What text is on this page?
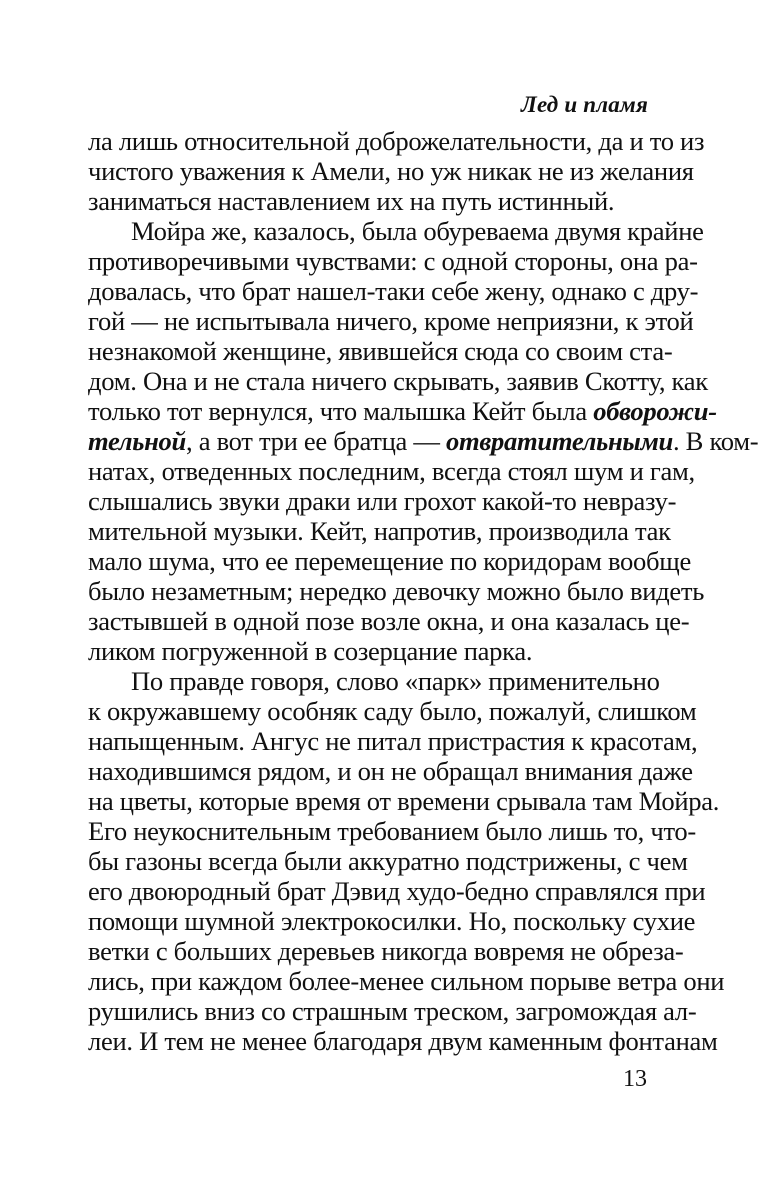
Лед и пламя
ла лишь относительной доброжелательности, да и то из
чистого уважения к Амели, но уж никак не из желания
заниматься наставлением их на путь истинный.
Мойра же, казалось, была обуреваема двумя крайне
противоречивыми чувствами: с одной стороны, она ра-
довалась, что брат нашел-таки себе жену, однако с дру-
гой — не испытывала ничего, кроме неприязни, к этой
незнакомой женщине, явившейся сюда со своим ста-
дом. Она и не стала ничего скрывать, заявив Скотту, как
только тот вернулся, что малышка Кейт была обворожи-
тельной, а вот три ее братца — отвратительными. В ком-
натах, отведенных последним, всегда стоял шум и гам,
слышались звуки драки или грохот какой-то невразу-
мительной музыки. Кейт, напротив, производила так
мало шума, что ее перемещение по коридорам вообще
было незаметным; нередко девочку можно было видеть
застывшей в одной позе возле окна, и она казалась це-
ликом погруженной в созерцание парка.
По правде говоря, слово «парк» применительно
к окружавшему особняк саду было, пожалуй, слишком
напыщенным. Ангус не питал пристрастия к красотам,
находившимся рядом, и он не обращал внимания даже
на цветы, которые время от времени срывала там Мойра.
Его неукоснительным требованием было лишь то, что-
бы газоны всегда были аккуратно подстрижены, с чем
его двоюродный брат Дэвид худо-бедно справлялся при
помощи шумной электрокосилки. Но, поскольку сухие
ветки с больших деревьев никогда вовремя не обреза-
лись, при каждом более-менее сильном порыве ветра они
рушились вниз со страшным треском, загромождая ал-
леи. И тем не менее благодаря двум каменным фонтанам
13
